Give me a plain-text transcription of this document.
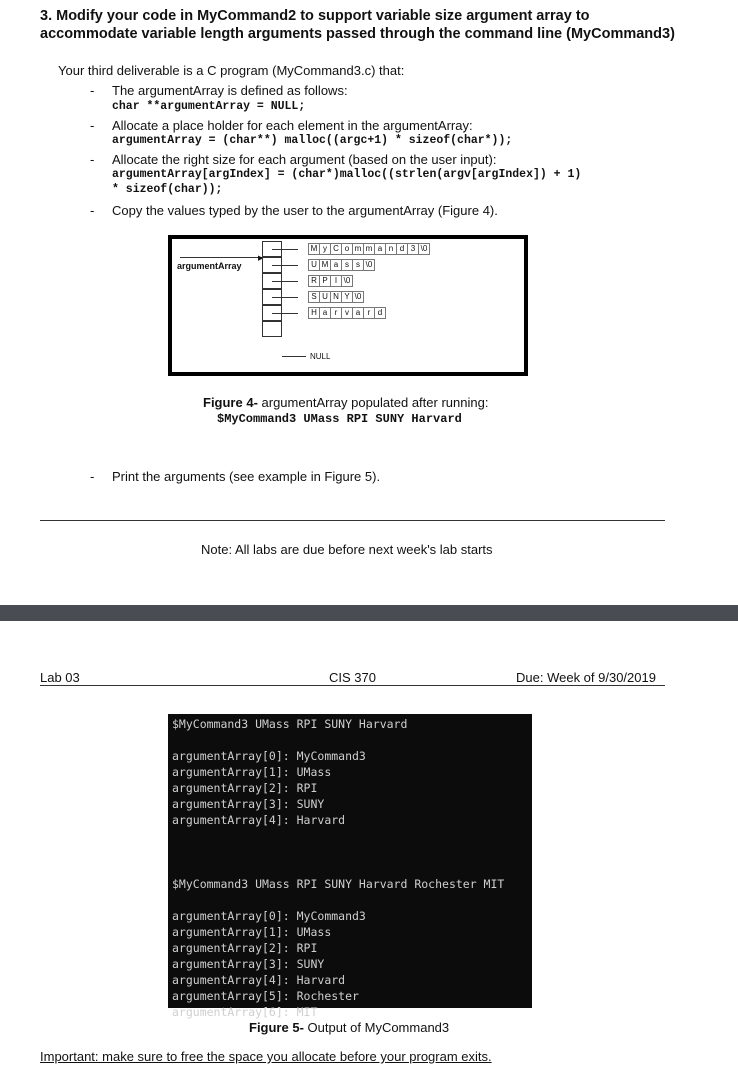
3. Modify your code in MyCommand2 to support variable size argument array to
accommodate variable length arguments passed through the command line (MyCommand3)
Your third deliverable is a C program (MyCommand3.c) that:
- The argumentArray is defined as follows:
char **argumentArray = NULL;
- Allocate a place holder for each element in the argumentArray:
argumentArray = (char**) malloc((argc+1) * sizeof(char*));
- Allocate the right size for each argument (based on the user input):
argumentArray[argIndex] = (char*)malloc((strlen(argv[argIndex]) + 1)
* sizeof(char));
- Copy the values typed by the user to the argumentArray (Figure 4).
argumentArray
▶
M y C o m m a n d 3 \0
U M a s s \0
R P I \0
S U N Y \0
H a r v a r d
NULL
Figure 4- argumentArray populated after running:
$MyCommand3 UMass RPI SUNY Harvard
- Print the arguments (see example in Figure 5).
Note: All labs are due before next week's lab starts
Lab 03	CIS 370	Due: Week of 9/30/2019
$MyCommand3 UMass RPI SUNY Harvard

argumentArray[0]: MyCommand3
argumentArray[1]: UMass
argumentArray[2]: RPI
argumentArray[3]: SUNY
argumentArray[4]: Harvard
$MyCommand3 UMass RPI SUNY Harvard Rochester MIT

argumentArray[0]: MyCommand3
argumentArray[1]: UMass
argumentArray[2]: RPI
argumentArray[3]: SUNY
argumentArray[4]: Harvard
argumentArray[5]: Rochester
argumentArray[6]: MIT
Figure 5- Output of MyCommand3
Important: make sure to free the space you allocate before your program exits.
